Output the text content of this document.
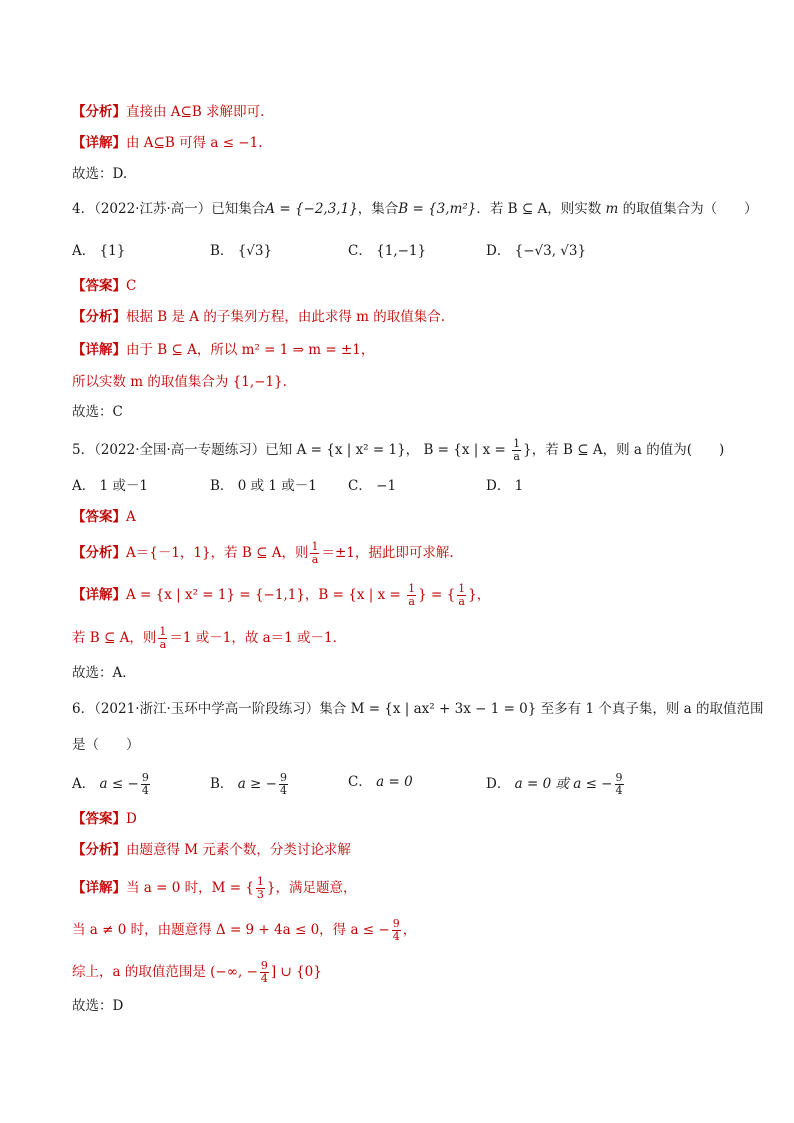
【分析】直接由 A⊆B 求解即可.
【详解】由 A⊆B 可得 a ≤ −1.
故选：D.
4．（2022·江苏·高一）已知集合A = {−2,3,1}，集合B = {3,m²}．若 B ⊆ A，则实数 m 的取值集合为（　　）
A． {1}	B． {√3}	C． {1,−1}	D． {−√3, √3}
【答案】C
【分析】根据 B 是 A 的子集列方程，由此求得 m 的取值集合.
【详解】由于 B ⊆ A，所以 m² = 1 ⇒ m = ±1，
所以实数 m 的取值集合为 {1,−1}.
故选：C
5．（2022·全国·高一专题练习）已知 A = {x | x² = 1}， B = {x | $x = \frac{1}{a}$ }，若 B ⊆ A，则 a 的值为(　　)
A． 1 或－1	B． 0 或 1 或－1 C． −1	D． 1
【答案】A
【分析】A＝{－1，1}，若 B ⊆ A，则 $\frac{1}{a} =\pm 1$，据此即可求解.
【详解】A = {x | x² = 1} = {−1,1}，B = {x | $x = \frac{1}{a}$ } = { $\frac{1}{a}$ }，
若 B ⊆ A，则 $\frac{1}{a} =1$ 或－1，故 a＝1 或－1．
故选：A．
6．（2021·浙江·玉环中学高一阶段练习）集合 M = {x | ax² + 3x − 1 = 0} 至多有 1 个真子集，则 a 的取值范围
是（　　）
A． a ≤ − $\frac{9}{4}$	B． a ≥ − $\frac{9}{4}$	C． a = 0	D． a = 0 或 a ≤ − $\frac{9}{4}$
【答案】D
【分析】由题意得 M 元素个数，分类讨论求解
【详解】当 a = 0 时，M = { $\frac{1}{3}$ }，满足题意，
当 a ≠ 0 时，由题意得 Δ = 9 + 4a ≤ 0，得 a ≤ − $\frac{9}{4}$ ，
综上，a 的取值范围是 (−∞, − $\frac{9}{4}$ ] ∪ {0}
故选：D
